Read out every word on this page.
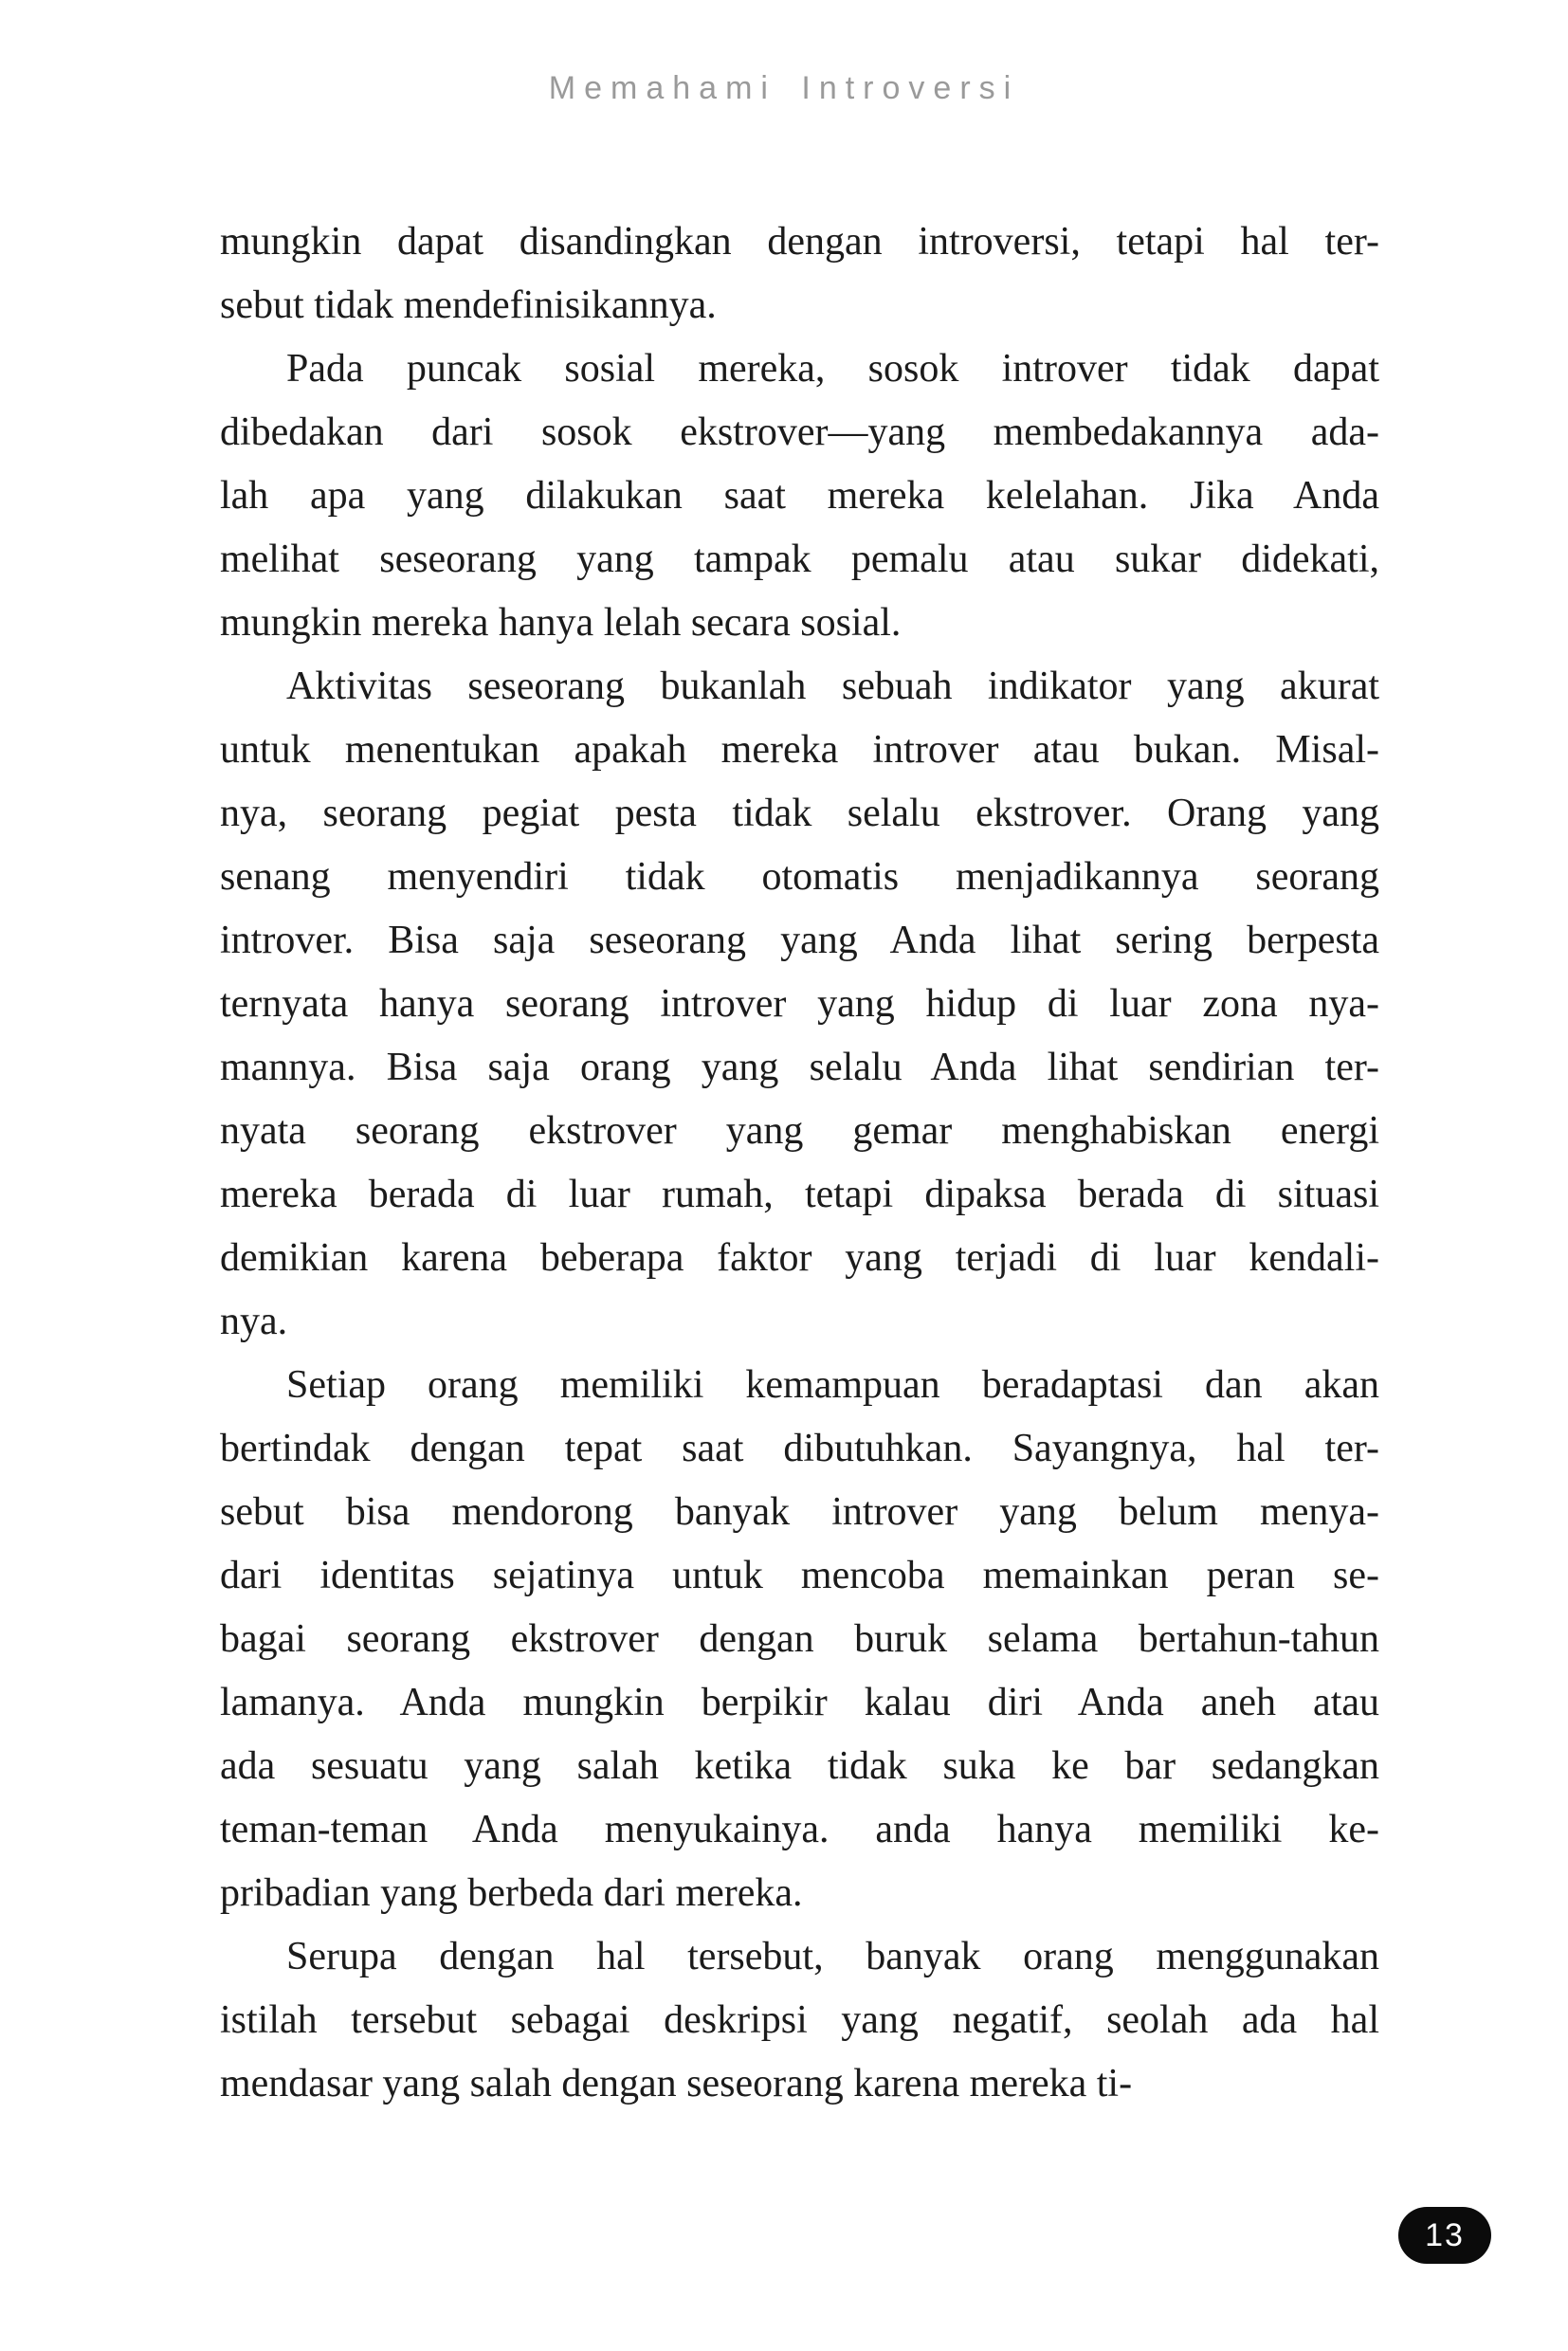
Memahami Introversi
mungkin dapat disandingkan dengan introversi, tetapi hal ter-
sebut tidak mendefinisikannya.
Pada puncak sosial mereka, sosok introver tidak dapat
dibedakan dari sosok ekstrover—yang membedakannya ada-
lah apa yang dilakukan saat mereka kelelahan. Jika Anda
melihat seseorang yang tampak pemalu atau sukar didekati,
mungkin mereka hanya lelah secara sosial.
Aktivitas seseorang bukanlah sebuah indikator yang akurat
untuk menentukan apakah mereka introver atau bukan. Misal-
nya, seorang pegiat pesta tidak selalu ekstrover. Orang yang
senang menyendiri tidak otomatis menjadikannya seorang
introver. Bisa saja seseorang yang Anda lihat sering berpesta
ternyata hanya seorang introver yang hidup di luar zona nya-
mannya. Bisa saja orang yang selalu Anda lihat sendirian ter-
nyata seorang ekstrover yang gemar menghabiskan energi
mereka berada di luar rumah, tetapi dipaksa berada di situasi
demikian karena beberapa faktor yang terjadi di luar kendali-
nya.
Setiap orang memiliki kemampuan beradaptasi dan akan
bertindak dengan tepat saat dibutuhkan. Sayangnya, hal ter-
sebut bisa mendorong banyak introver yang belum menya-
dari identitas sejatinya untuk mencoba memainkan peran se-
bagai seorang ekstrover dengan buruk selama bertahun-tahun
lamanya. Anda mungkin berpikir kalau diri Anda aneh atau
ada sesuatu yang salah ketika tidak suka ke bar sedangkan
teman-teman Anda menyukainya. anda hanya memiliki ke-
pribadian yang berbeda dari mereka.
Serupa dengan hal tersebut, banyak orang menggunakan
istilah tersebut sebagai deskripsi yang negatif, seolah ada hal
mendasar yang salah dengan seseorang karena mereka ti-
13
